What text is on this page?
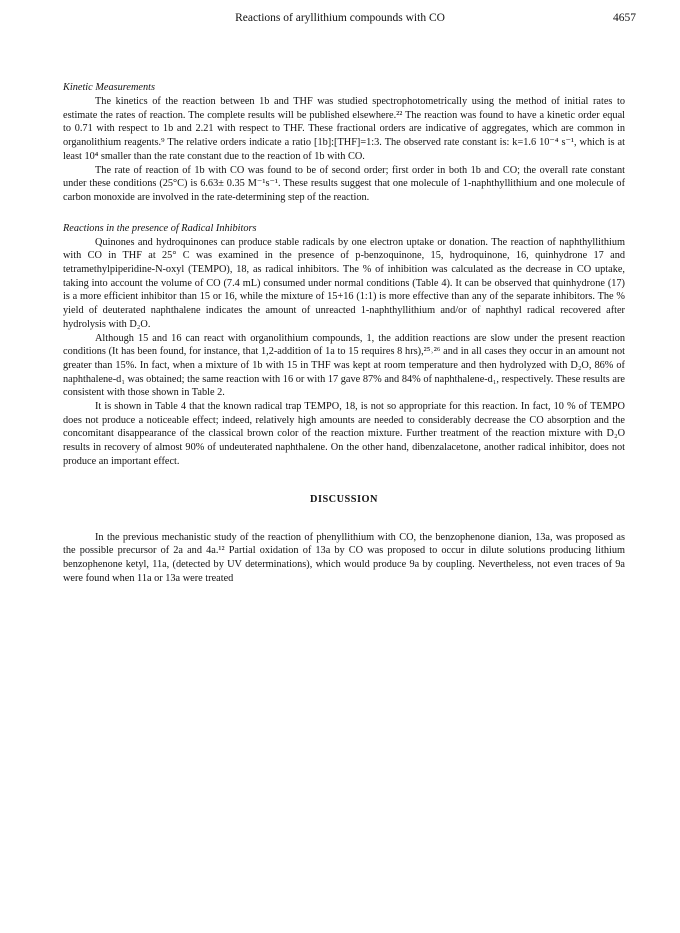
Reactions of aryllithium compounds with CO	4657

Kinetic Measurements

The kinetics of the reaction between 1b and THF was studied spectrophotometrically using the method of initial rates to estimate the rates of reaction. The complete results will be published elsewhere.²² The reaction was found to have a kinetic order equal to 0.71 with respect to 1b and 2.21 with respect to THF. These fractional orders are indicative of aggregates, which are common in organolithium reagents.⁹ The relative orders indicate a ratio [1b]:[THF]=1:3. The observed rate constant is: k=1.6 10⁻⁴ s⁻¹, which is at least 10⁴ smaller than the rate constant due to the reaction of 1b with CO.

The rate of reaction of 1b with CO was found to be of second order; first order in both 1b and CO; the overall rate constant under these conditions (25°C) is 6.63± 0.35 M⁻¹s⁻¹. These results suggest that one molecule of 1-naphthyllithium and one molecule of carbon monoxide are involved in the rate-determining step of the reaction.

Reactions in the presence of Radical Inhibitors

Quinones and hydroquinones can produce stable radicals by one electron uptake or donation. The reaction of naphthyllithium with CO in THF at 25° C was examined in the presence of p-benzoquinone, 15, hydroquinone, 16, quinhydrone 17 and tetramethylpiperidine-N-oxyl (TEMPO), 18, as radical inhibitors. The % of inhibition was calculated as the decrease in CO uptake, taking into account the volume of CO (7.4 mL) consumed under normal conditions (Table 4). It can be observed that quinhydrone (17) is a more efficient inhibitor than 15 or 16, while the mixture of 15+16 (1:1) is more effective than any of the separate inhibitors. The % yield of deuterated naphthalene indicates the amount of unreacted 1-naphthyllithium and/or of naphthyl radical recovered after hydrolysis with D₂O.

Although 15 and 16 can react with organolithium compounds, 1, the addition reactions are slow under the present reaction conditions (It has been found, for instance, that 1,2-addition of 1a to 15 requires 8 hrs),²⁵˒²⁶ and in all cases they occur in an amount not greater than 15%. In fact, when a mixture of 1b with 15 in THF was kept at room temperature and then hydrolyzed with D₂O, 86% of naphthalene-d₁ was obtained; the same reaction with 16 or with 17 gave 87% and 84% of naphthalene-d₁, respectively. These results are consistent with those shown in Table 2.

It is shown in Table 4 that the known radical trap TEMPO, 18, is not so appropriate for this reaction. In fact, 10 % of TEMPO does not produce a noticeable effect; indeed, relatively high amounts are needed to considerably decrease the CO absorption and the concomitant disappearance of the classical brown color of the reaction mixture. Further treatment of the reaction mixture with D₂O results in recovery of almost 90% of undeuterated naphthalene. On the other hand, dibenzalacetone, another radical inhibitor, does not produce an important effect.

DISCUSSION

In the previous mechanistic study of the reaction of phenyllithium with CO, the benzophenone dianion, 13a, was proposed as the possible precursor of 2a and 4a.¹² Partial oxidation of 13a by CO was proposed to occur in dilute solutions producing lithium benzophenone ketyl, 11a, (detected by UV determinations), which would produce 9a by coupling. Nevertheless, not even traces of 9a were found when 11a or 13a were treated
